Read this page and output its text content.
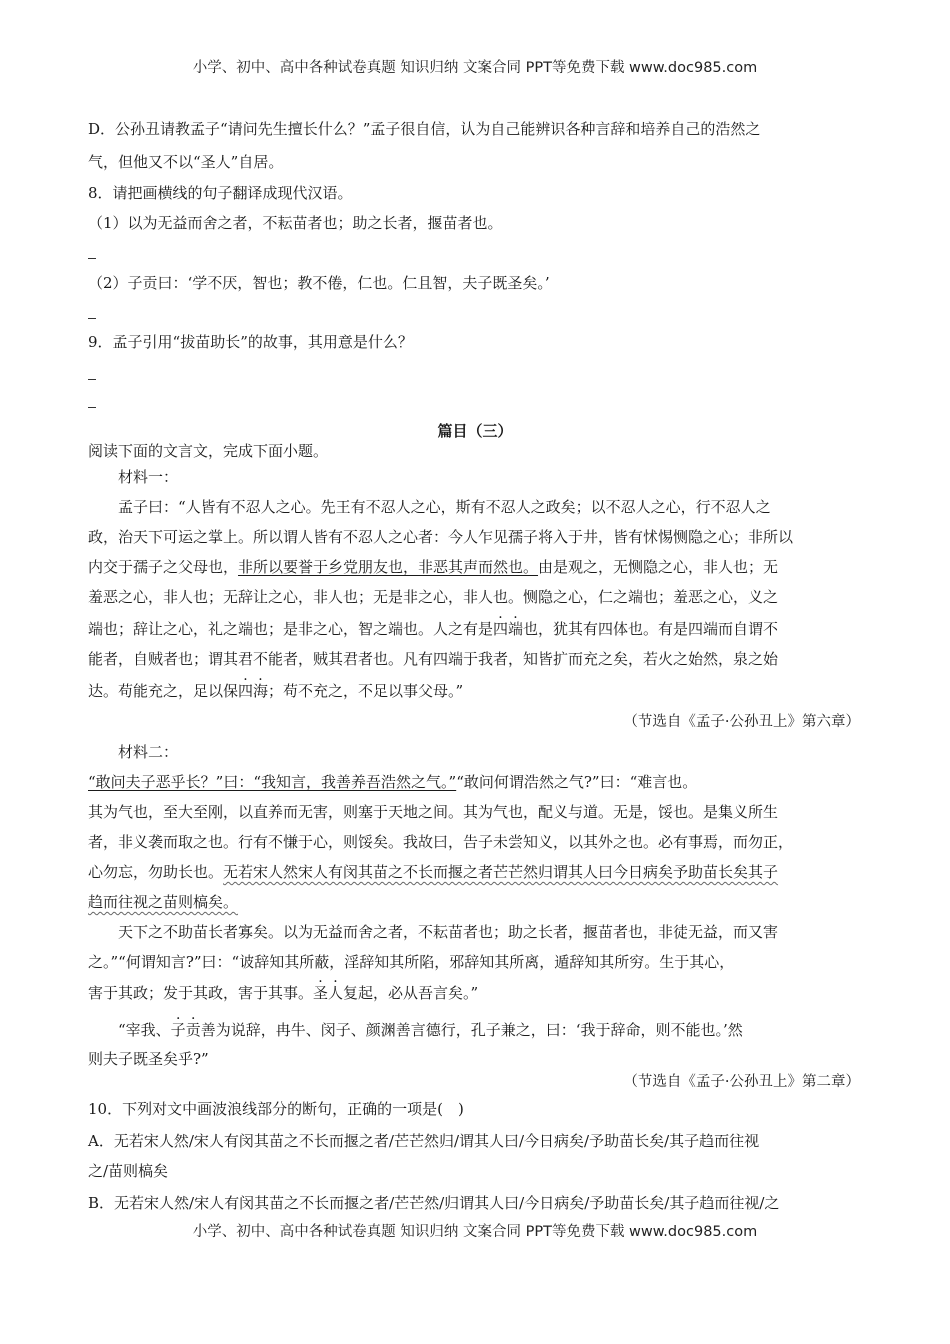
小学、初中、高中各种试卷真题 知识归纳 文案合同 PPT等免费下载 www.doc985.com
D．公孙丑请教孟子“请问先生擅长什么？”孟子很自信，认为自己能辨识各种言辞和培养自己的浩然之
气，但他又不以“圣人”自居。
8．请把画横线的句子翻译成现代汉语。
（1）以为无益而舍之者，不耘苗者也；助之长者，揠苗者也。
（2）子贡曰：‘学不厌，智也；教不倦，仁也。仁且智，夫子既圣矣。’
9．孟子引用“拔苗助长”的故事，其用意是什么？
篇目（三）
阅读下面的文言文，完成下面小题。
材料一：
孟子曰：“人皆有不忍人之心。先王有不忍人之心，斯有不忍人之政矣；以不忍人之心，行不忍人之
政，治天下可运之掌上。所以谓人皆有不忍人之心者：今人乍见孺子将入于井，皆有怵惕恻隐之心；非所以
内交于孺子之父母也，非所以要誉于乡党朋友也，非恶其声而然也。由是观之，无恻隐之心，非人也；无
羞恶之心，非人也；无辞让之心，非人也；无是非之心，非人也。恻隐之心，仁之端也；羞恶之心，义之
端也；辞让之心，礼之端也；是非之心，智之端也。人之有是四端也，犹其有四体也。有是四端而自谓不
能者，自贼者也；谓其君不能者，贼其君者也。凡有四端于我者，知皆扩而充之矣，若火之始然，泉之始
达。苟能充之，足以保四海；苟不充之，不足以事父母。”
（节选自《孟子·公孙丑上》第六章）
材料二：
“敢问夫子恶乎长？”曰：“我知言，我善养吾浩然之气。”“敢问何谓浩然之气?”曰：“难言也。
其为气也，至大至刚，以直养而无害，则塞于天地之间。其为气也，配义与道。无是，馁也。是集义所生
者，非义袭而取之也。行有不慊于心，则馁矣。我故曰，告子未尝知义，以其外之也。必有事焉，而勿正，
心勿忘，勿助长也。无若宋人然宋人有闵其苗之不长而揠之者芒芒然归谓其人曰今日病矣予助苗长矣其子
趋而往视之苗则槁矣。
天下之不助苗长者寡矣。以为无益而舍之者，不耘苗者也；助之长者，揠苗者也，非徒无益，而又害
之。”“何谓知言?”曰：“诐辞知其所蔽，淫辞知其所陷，邪辞知其所离，遁辞知其所穷。生于其心，
害于其政；发于其政，害于其事。圣人复起，必从吾言矣。”
“宰我、子贡善为说辞，冉牛、闵子、颜渊善言德行，孔子兼之，曰：‘我于辞命，则不能也。’然
则夫子既圣矣乎?”
（节选自《孟子·公孙丑上》第二章）
10．下列对文中画波浪线部分的断句，正确的一项是(　)
A．无若宋人然/宋人有闵其苗之不长而揠之者/芒芒然归/谓其人曰/今日病矣/予助苗长矣/其子趋而往视
之/苗则槁矣
B．无若宋人然/宋人有闵其苗之不长而揠之者/芒芒然/归谓其人曰/今日病矣/予助苗长矣/其子趋而往视/之
小学、初中、高中各种试卷真题 知识归纳 文案合同 PPT等免费下载 www.doc985.com
